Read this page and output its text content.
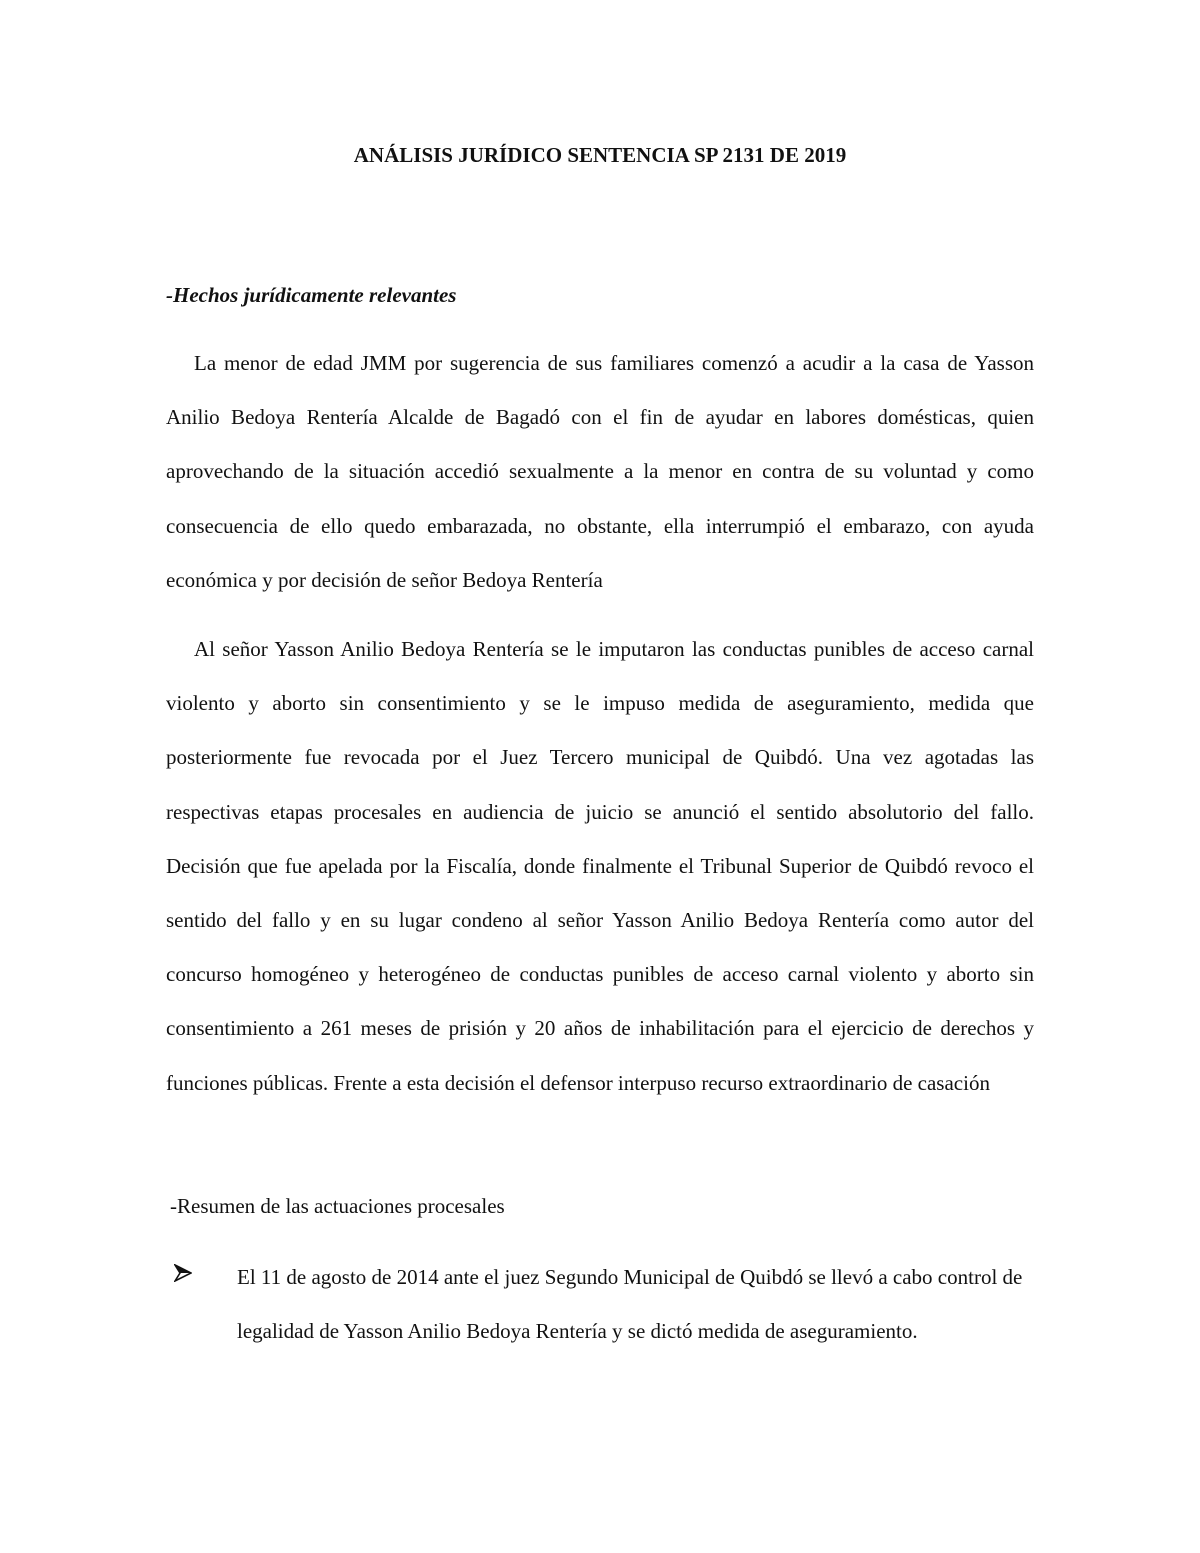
ANÁLISIS JURÍDICO SENTENCIA SP 2131 DE 2019

-Hechos jurídicamente relevantes

La menor de edad JMM por sugerencia de sus familiares comenzó a acudir a la casa de Yasson Anilio Bedoya Rentería Alcalde de Bagadó con el fin de ayudar en labores domésticas, quien aprovechando de la situación accedió sexualmente a la menor en contra de su voluntad y como consecuencia de ello quedo embarazada, no obstante, ella interrumpió el embarazo, con ayuda económica y por decisión de señor Bedoya Rentería

Al señor Yasson Anilio Bedoya Rentería se le imputaron las conductas punibles de acceso carnal violento y aborto sin consentimiento y se le impuso medida de aseguramiento, medida que posteriormente fue revocada por el Juez Tercero municipal de Quibdó. Una vez agotadas las respectivas etapas procesales en audiencia de juicio se anunció el sentido absolutorio del fallo. Decisión que fue apelada por la Fiscalía, donde finalmente el Tribunal Superior de Quibdó revoco el sentido del fallo y en su lugar condeno al señor Yasson Anilio Bedoya Rentería como autor del concurso homogéneo y heterogéneo de conductas punibles de acceso carnal violento y aborto sin consentimiento a 261 meses de prisión y 20 años de inhabilitación para el ejercicio de derechos y funciones públicas. Frente a esta decisión el defensor interpuso recurso extraordinario de casación

-Resumen de las actuaciones procesales

El 11 de agosto de 2014 ante el juez Segundo Municipal de Quibdó se llevó a cabo control de legalidad de Yasson Anilio Bedoya Rentería y se dictó medida de aseguramiento.
